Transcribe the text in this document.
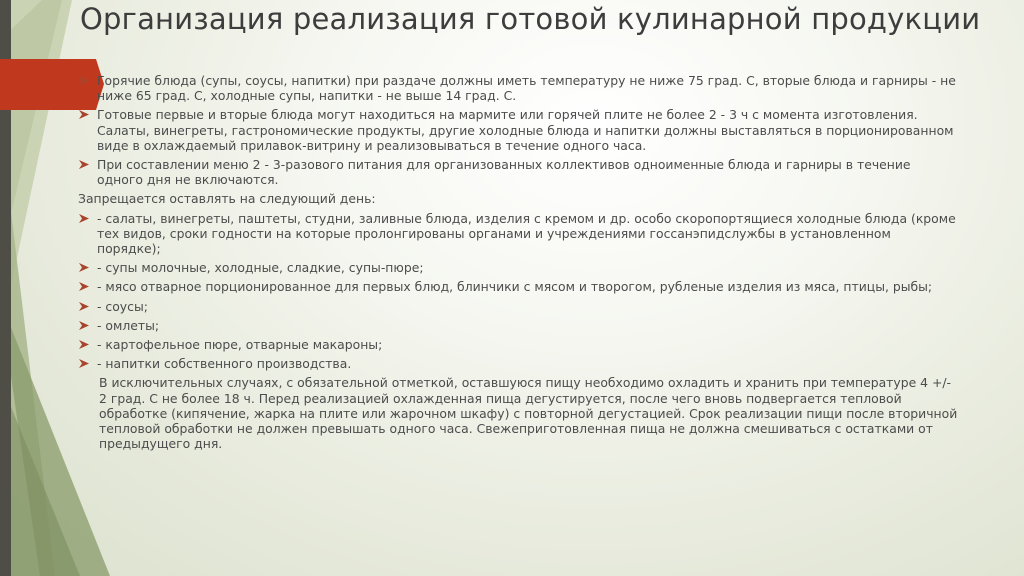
Организация реализация готовой кулинарной продукции

Горячие блюда (супы, соусы, напитки) при раздаче должны иметь температуру не ниже 75 град. С, вторые блюда и гарниры - не ниже 65 град. С, холодные супы, напитки - не выше 14 град. С.

Готовые первые и вторые блюда могут находиться на мармите или горячей плите не более 2 - 3 ч с момента изготовления. Салаты, винегреты, гастрономические продукты, другие холодные блюда и напитки должны выставляться в порционированном виде в охлаждаемый прилавок-витрину и реализовываться в течение одного часа.

При составлении меню 2 - 3-разового питания для организованных коллективов одноименные блюда и гарниры в течение одного дня не включаются.

Запрещается оставлять на следующий день:

- салаты, винегреты, паштеты, студни, заливные блюда, изделия с кремом и др. особо скоропортящиеся холодные блюда (кроме тех видов, сроки годности на которые пролонгированы органами и учреждениями госсанэпидслужбы в установленном порядке);

- супы молочные, холодные, сладкие, супы-пюре;

- мясо отварное порционированное для первых блюд, блинчики с мясом и творогом, рубленые изделия из мяса, птицы, рыбы;

- соусы;

- омлеты;

- картофельное пюре, отварные макароны;

- напитки собственного производства.

В исключительных случаях, с обязательной отметкой, оставшуюся пищу необходимо охладить и хранить при температуре 4 +/- 2 град. С не более 18 ч. Перед реализацией охлажденная пища дегустируется, после чего вновь подвергается тепловой обработке (кипячение, жарка на плите или жарочном шкафу) с повторной дегустацией. Срок реализации пищи после вторичной тепловой обработки не должен превышать одного часа. Свежеприготовленная пища не должна смешиваться с остатками от предыдущего дня.
